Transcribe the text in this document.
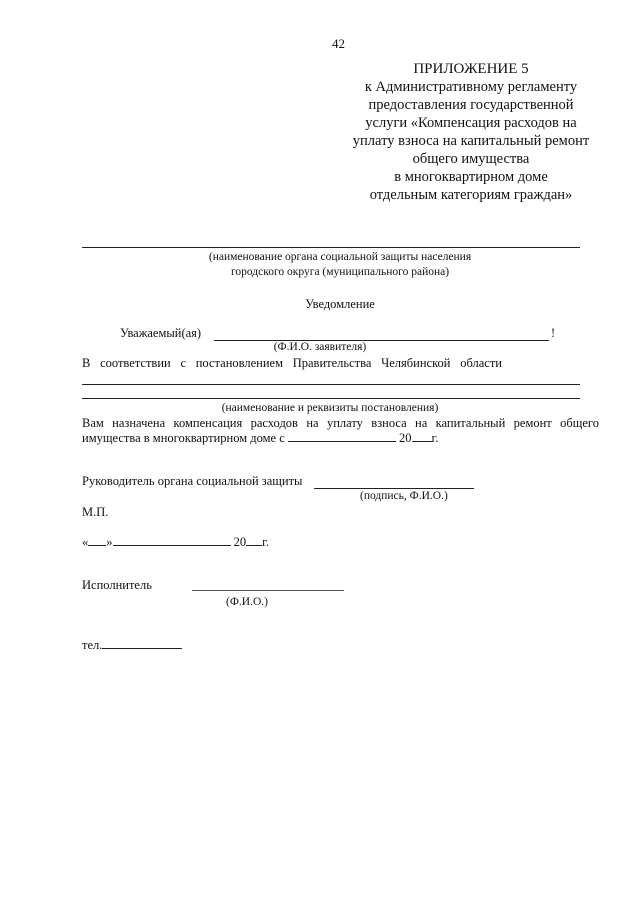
42
ПРИЛОЖЕНИЕ 5
к Административному регламенту
предоставления государственной
услуги «Компенсация расходов на
уплату взноса на капитальный ремонт
общего имущества
в многоквартирном доме
отдельным категориям граждан»
(наименование органа социальной защиты населения
городского округа (муниципального района)
Уведомление
Уважаемый(ая)	!
(Ф.И.О. заявителя)
В соответствии с постановлением Правительства Челябинской области
(наименование и реквизиты постановления)
Вам назначена компенсация расходов на уплату взноса на капитальный ремонт общего
имущества в многоквартирном доме с	20 г.
Руководитель органа социальной защиты
(подпись, Ф.И.О.)
М.П.
« »	20 г.
Исполнитель
(Ф.И.О.)
тел.
